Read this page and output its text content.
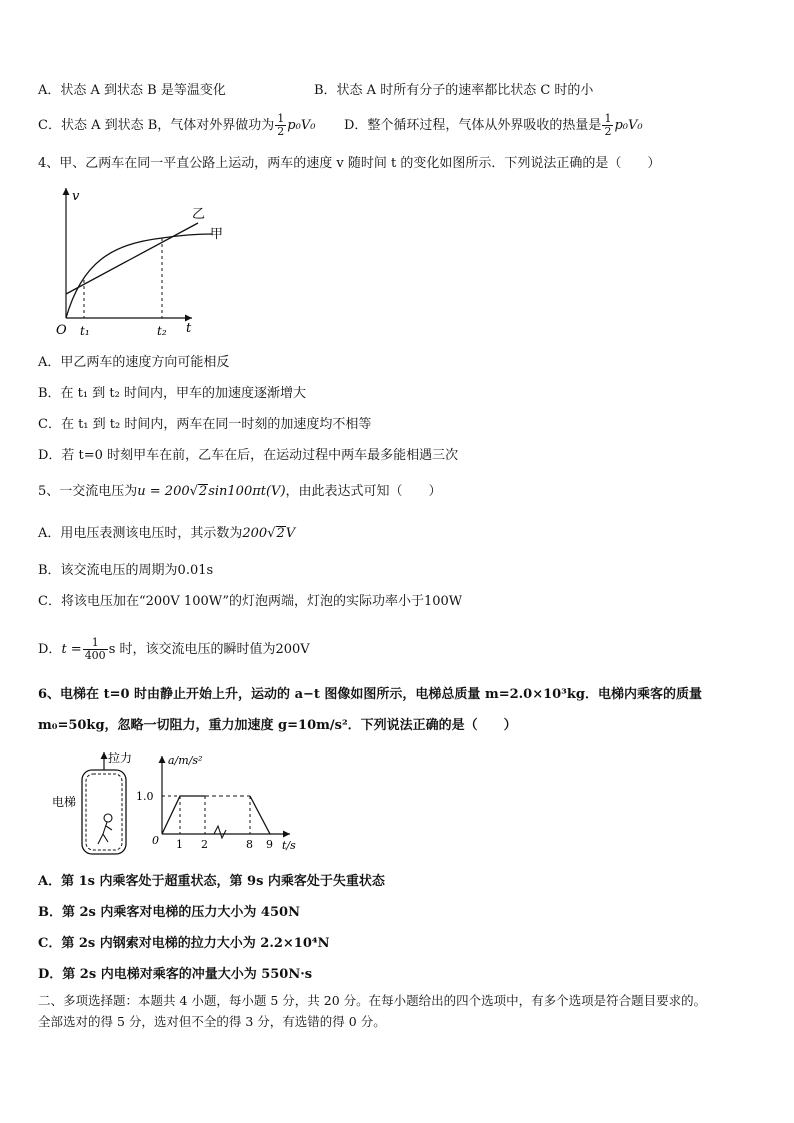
A．状态 A 到状态 B 是等温变化	B．状态 A 时所有分子的速率都比状态 C 时的小
C．状态 A 到状态 B，气体对外界做功为 $\frac{1}{2} p_0V_0$ D．整个循环过程，气体从外界吸收的热量是 $\frac{1}{2} p_0V_0$
4、甲、乙两车在同一平直公路上运动，两车的速度 v 随时间 t 的变化如图所示．下列说法正确的是（　　）
v
t
O t₁	t₂
乙
甲
A．甲乙两车的速度方向可能相反
B．在 t₁ 到 t₂ 时间内，甲车的加速度逐渐增大
C．在 t₁ 到 t₂ 时间内，两车在同一时刻的加速度均不相等
D．若 t=0 时刻甲车在前，乙车在后，在运动过程中两车最多能相遇三次
5、一交流电压为u = 200√2sin100πt(V)，由此表达式可知（　　）
A．用电压表测该电压时，其示数为200√2V
B．该交流电压的周期为0.01s
C．将该电压加在“200V 100W”的灯泡两端，灯泡的实际功率小于100W
D．$t = \frac{1}{400}$ s 时，该交流电压的瞬时值为200V
6、电梯在 t=0 时由静止开始上升，运动的 a−t 图像如图所示，电梯总质量 m=2.0×10³kg．电梯内乘客的质量
m₀=50kg，忽略一切阻力，重力加速度 g=10m/s²．下列说法正确的是（　　）
拉力
电梯
a/m/s²
t/s
1.0
0 1 2	8 9
A．第 1s 内乘客处于超重状态，第 9s 内乘客处于失重状态
B．第 2s 内乘客对电梯的压力大小为 450N
C．第 2s 内钢索对电梯的拉力大小为 2.2×10⁴N
D．第 2s 内电梯对乘客的冲量大小为 550N·s
二、多项选择题：本题共 4 小题，每小题 5 分，共 20 分。在每小题给出的四个选项中，有多个选项是符合题目要求的。
全部选对的得 5 分，选对但不全的得 3 分，有选错的得 0 分。
